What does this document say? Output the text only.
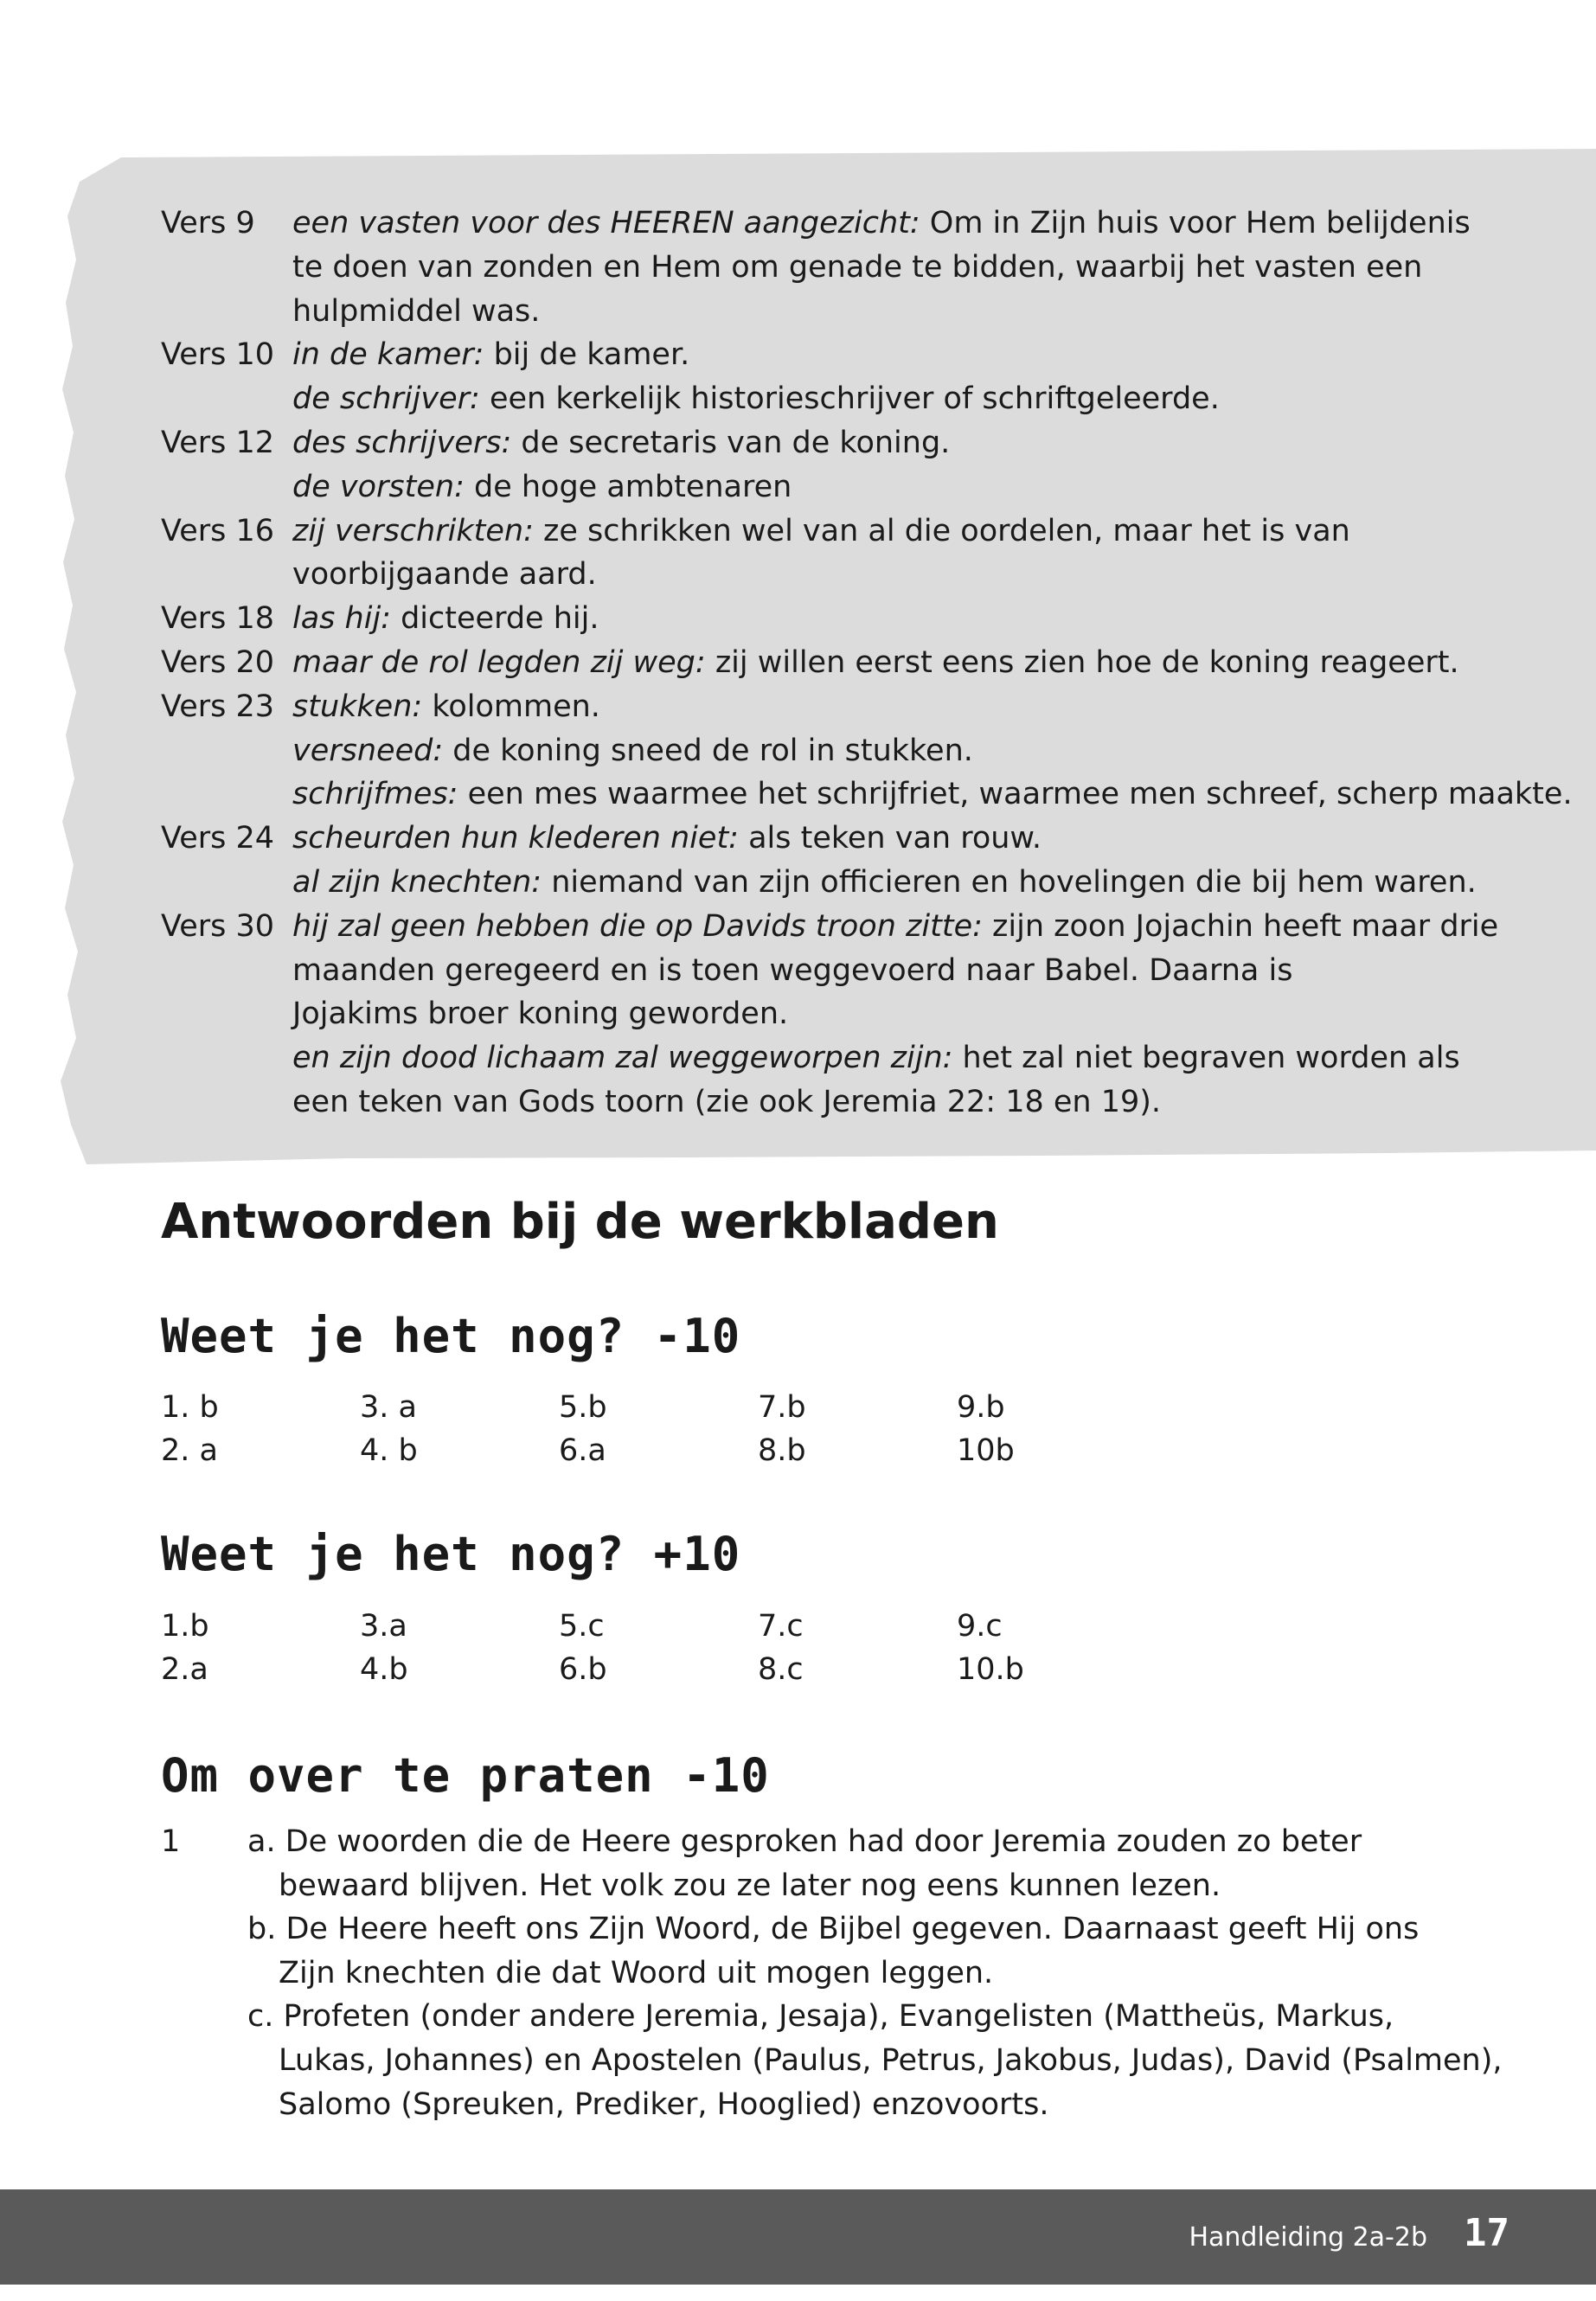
Vers 9	een vasten voor des HEEREN aangezicht: Om in Zijn huis voor Hem belijdenis
te doen van zonden en Hem om genade te bidden, waarbij het vasten een
hulpmiddel was.
Vers 10 in de kamer: bij de kamer.
de schrijver: een kerkelijk historieschrijver of schriftgeleerde.
Vers 12 des schrijvers: de secretaris van de koning.
de vorsten: de hoge ambtenaren
Vers 16 zij verschrikten: ze schrikken wel van al die oordelen, maar het is van
voorbijgaande aard.
Vers 18 las hij: dicteerde hij.
Vers 20 maar de rol legden zij weg: zij willen eerst eens zien hoe de koning reageert.
Vers 23 stukken: kolommen.
versneed: de koning sneed de rol in stukken.
schrijfmes: een mes waarmee het schrijfriet, waarmee men schreef, scherp maakte.
Vers 24 scheurden hun klederen niet: als teken van rouw.
al zijn knechten: niemand van zijn officieren en hovelingen die bij hem waren.
Vers 30 hij zal geen hebben die op Davids troon zitte: zijn zoon Jojachin heeft maar drie
maanden geregeerd en is toen weggevoerd naar Babel. Daarna is
Jojakims broer koning geworden.
en zijn dood lichaam zal weggeworpen zijn: het zal niet begraven worden als
een teken van Gods toorn (zie ook Jeremia 22: 18 en 19).
Antwoorden bij de werkbladen
Weet je het nog? -10
1. b	3. a	5.b	7.b	9.b
2. a	4. b	6.a	8.b	10b
Weet je het nog? +10
1.b	3.a	5.c	7.c	9.c
2.a	4.b	6.b	8.c	10.b
Om over te praten -10
1	a. De woorden die de Heere gesproken had door Jeremia zouden zo beter
bewaard blijven. Het volk zou ze later nog eens kunnen lezen.
b. De Heere heeft ons Zijn Woord, de Bijbel gegeven. Daarnaast geeft Hij ons
Zijn knechten die dat Woord uit mogen leggen.
c. Profeten (onder andere Jeremia, Jesaja), Evangelisten (Mattheüs, Markus,
Lukas, Johannes) en Apostelen (Paulus, Petrus, Jakobus, Judas), David (Psalmen),
Salomo (Spreuken, Prediker, Hooglied) enzovoorts.
Handleiding 2a-2b 17
